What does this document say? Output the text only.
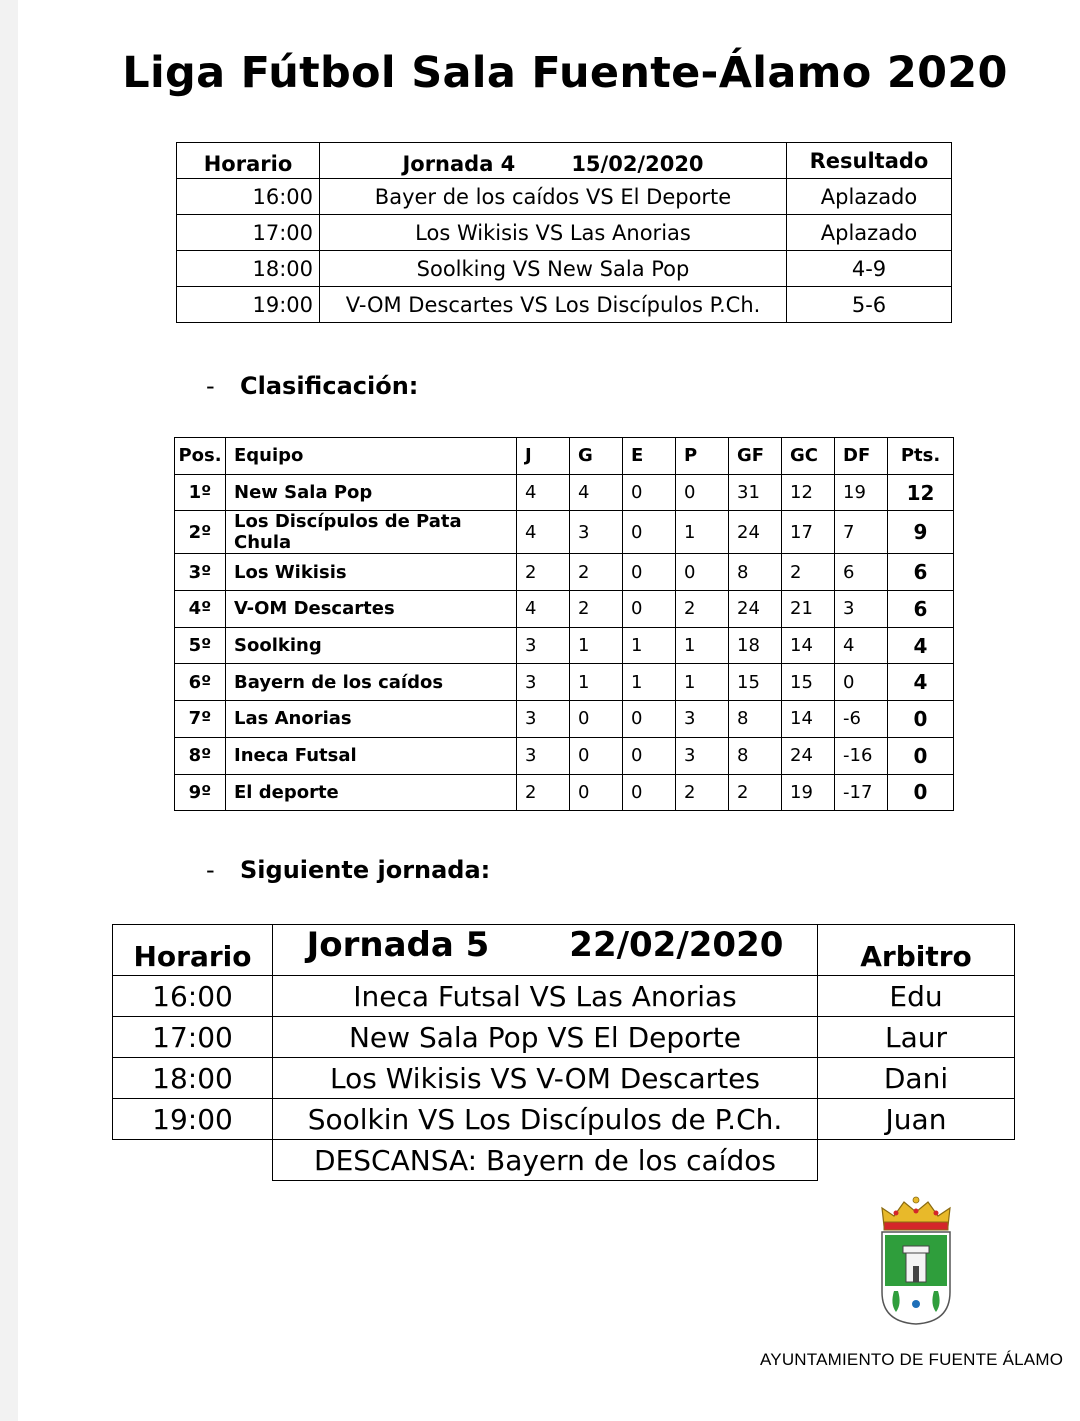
Liga Fútbol Sala Fuente-Álamo 2020
Horario	Jornada 4 15/02/2020	Resultado
16:00	Bayer de los caídos VS El Deporte	Aplazado
17:00	Los Wikisis VS Las Anorias	Aplazado
18:00	Soolking VS New Sala Pop	4-9
19:00	V-OM Descartes VS Los Discípulos P.Ch.	5-6
- Clasificación:
Pos.	Equipo	J	G	E	P	GF	GC	DF	Pts.
1º	New Sala Pop	4	4	0	0	31	12	19	12
2º	Los Discípulos de Pata Chula	4	3	0	1	24	17	7	9
3º	Los Wikisis	2	2	0	0	8	2	6	6
4º	V-OM Descartes	4	2	0	2	24	21	3	6
5º	Soolking	3	1	1	1	18	14	4	4
6º	Bayern de los caídos	3	1	1	1	15	15	0	4
7º	Las Anorias	3	0	0	3	8	14	-6	0
8º	Ineca Futsal	3	0	0	3	8	24	-16	0
9º	El deporte	2	0	0	2	2	19	-17	0
- Siguiente jornada:
Horario	Jornada 5 22/02/2020	Arbitro
16:00	Ineca Futsal VS Las Anorias	Edu
17:00	New Sala Pop VS El Deporte	Laur
18:00	Los Wikisis VS V-OM Descartes	Dani
19:00	Soolkin VS Los Discípulos de P.Ch.	Juan
	DESCANSA: Bayern de los caídos	
AYUNTAMIENTO DE FUENTE ÁLAMO
